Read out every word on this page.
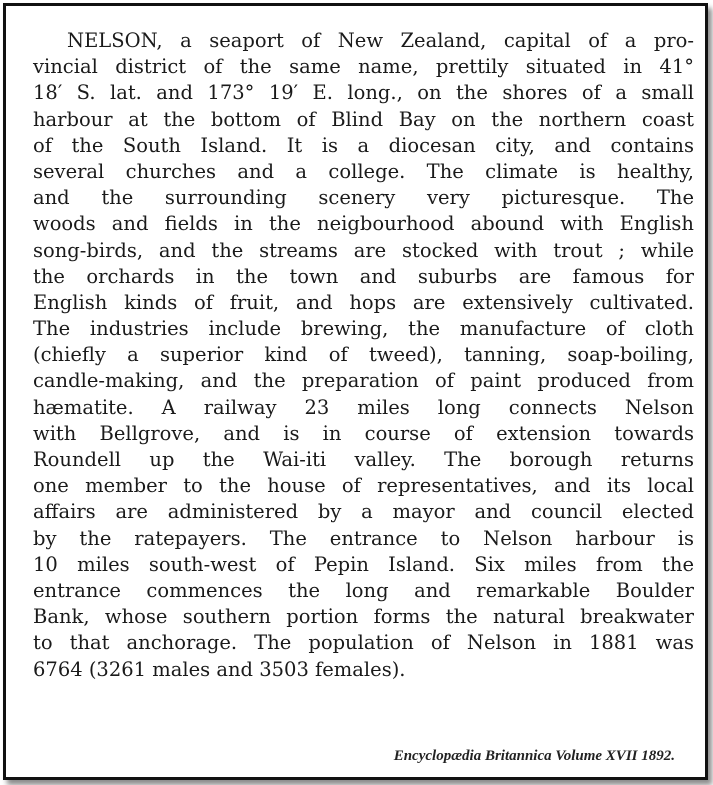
NELSON, a seaport of New Zealand, capital of a pro-
vincial district of the same name, prettily situated in 41°
18′ S. lat. and 173° 19′ E. long., on the shores of a small
harbour at the bottom of Blind Bay on the northern coast
of the South Island. It is a diocesan city, and contains
several churches and a college. The climate is healthy,
and the surrounding scenery very picturesque. The
woods and fields in the neigbourhood abound with English
song-birds, and the streams are stocked with trout ; while
the orchards in the town and suburbs are famous for
English kinds of fruit, and hops are extensively cultivated.
The industries include brewing, the manufacture of cloth
(chiefly a superior kind of tweed), tanning, soap-boiling,
candle-making, and the preparation of paint produced from
hæmatite. A railway 23 miles long connects Nelson
with Bellgrove, and is in course of extension towards
Roundell up the Wai-iti valley. The borough returns
one member to the house of representatives, and its local
affairs are administered by a mayor and council elected
by the ratepayers. The entrance to Nelson harbour is
10 miles south-west of Pepin Island. Six miles from the
entrance commences the long and remarkable Boulder
Bank, whose southern portion forms the natural breakwater
to that anchorage. The population of Nelson in 1881 was
6764 (3261 males and 3503 females).
Encyclopædia Britannica Volume XVII 1892.
